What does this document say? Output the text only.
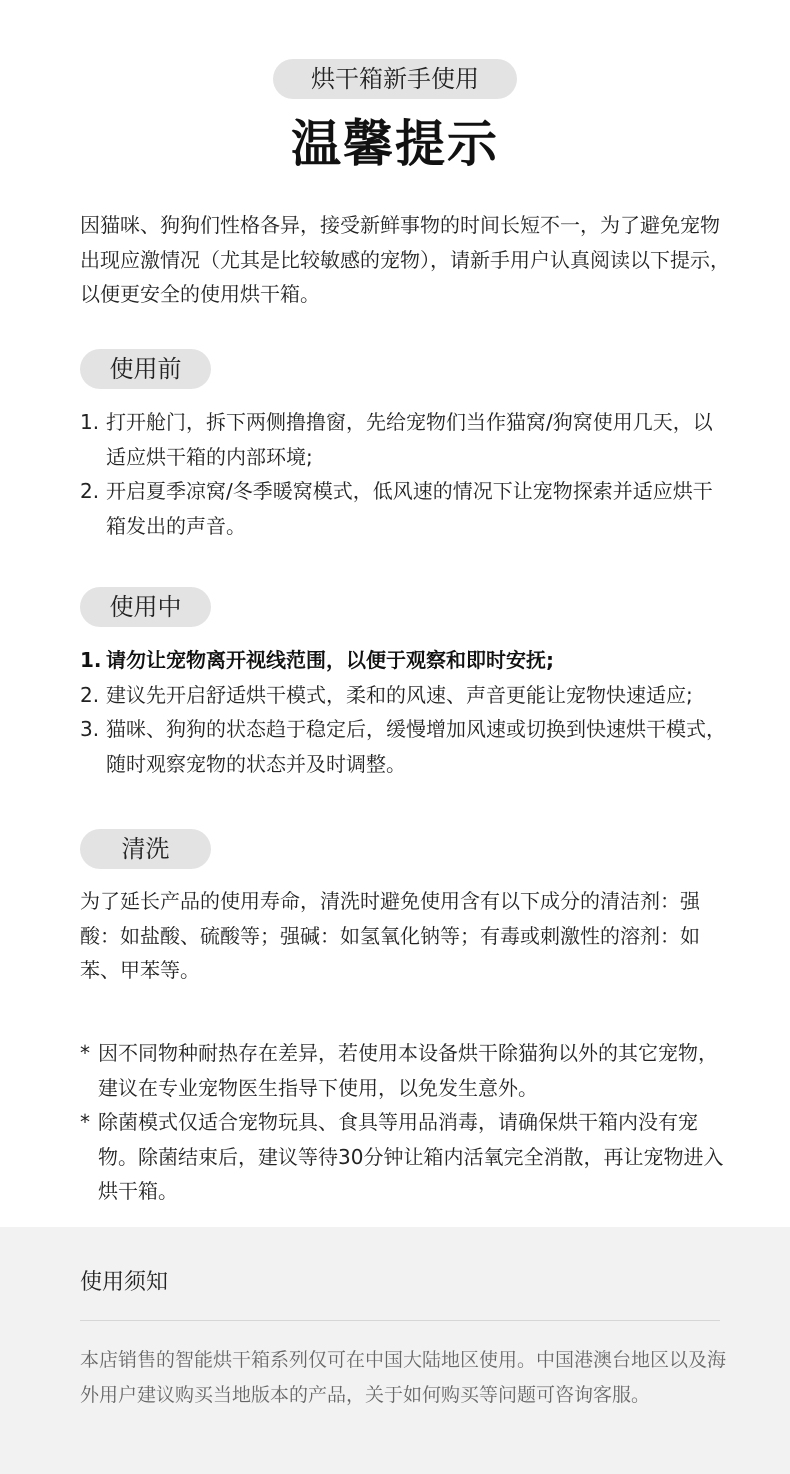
烘干箱新手使用
温馨提示

因猫咪、狗狗们性格各异，接受新鲜事物的时间长短不一，为了避免宠物出现应激情况（尤其是比较敏感的宠物），请新手用户认真阅读以下提示，以便更安全的使用烘干箱。

使用前
1. 打开舱门，拆下两侧撸撸窗，先给宠物们当作猫窝/狗窝使用几天，以适应烘干箱的内部环境;
2. 开启夏季凉窝/冬季暖窝模式，低风速的情况下让宠物探索并适应烘干箱发出的声音。
使用中
1. 请勿让宠物离开视线范围，以便于观察和即时安抚;
2. 建议先开启舒适烘干模式，柔和的风速、声音更能让宠物快速适应;
3. 猫咪、狗狗的状态趋于稳定后，缓慢增加风速或切换到快速烘干模式，随时观察宠物的状态并及时调整。
清洗

为了延长产品的使用寿命，清洗时避免使用含有以下成分的清洁剂：强酸：如盐酸、硫酸等；强碱：如氢氧化钠等；有毒或刺激性的溶剂：如苯、甲苯等。

* 因不同物种耐热存在差异，若使用本设备烘干除猫狗以外的其它宠物，建议在专业宠物医生指导下使用，以免发生意外。
* 除菌模式仅适合宠物玩具、食具等用品消毒，请确保烘干箱内没有宠物。除菌结束后，建议等待30分钟让箱内活氧完全消散，再让宠物进入烘干箱。
使用须知

本店销售的智能烘干箱系列仅可在中国大陆地区使用。中国港澳台地区以及海外用户建议购买当地版本的产品，关于如何购买等问题可咨询客服。
